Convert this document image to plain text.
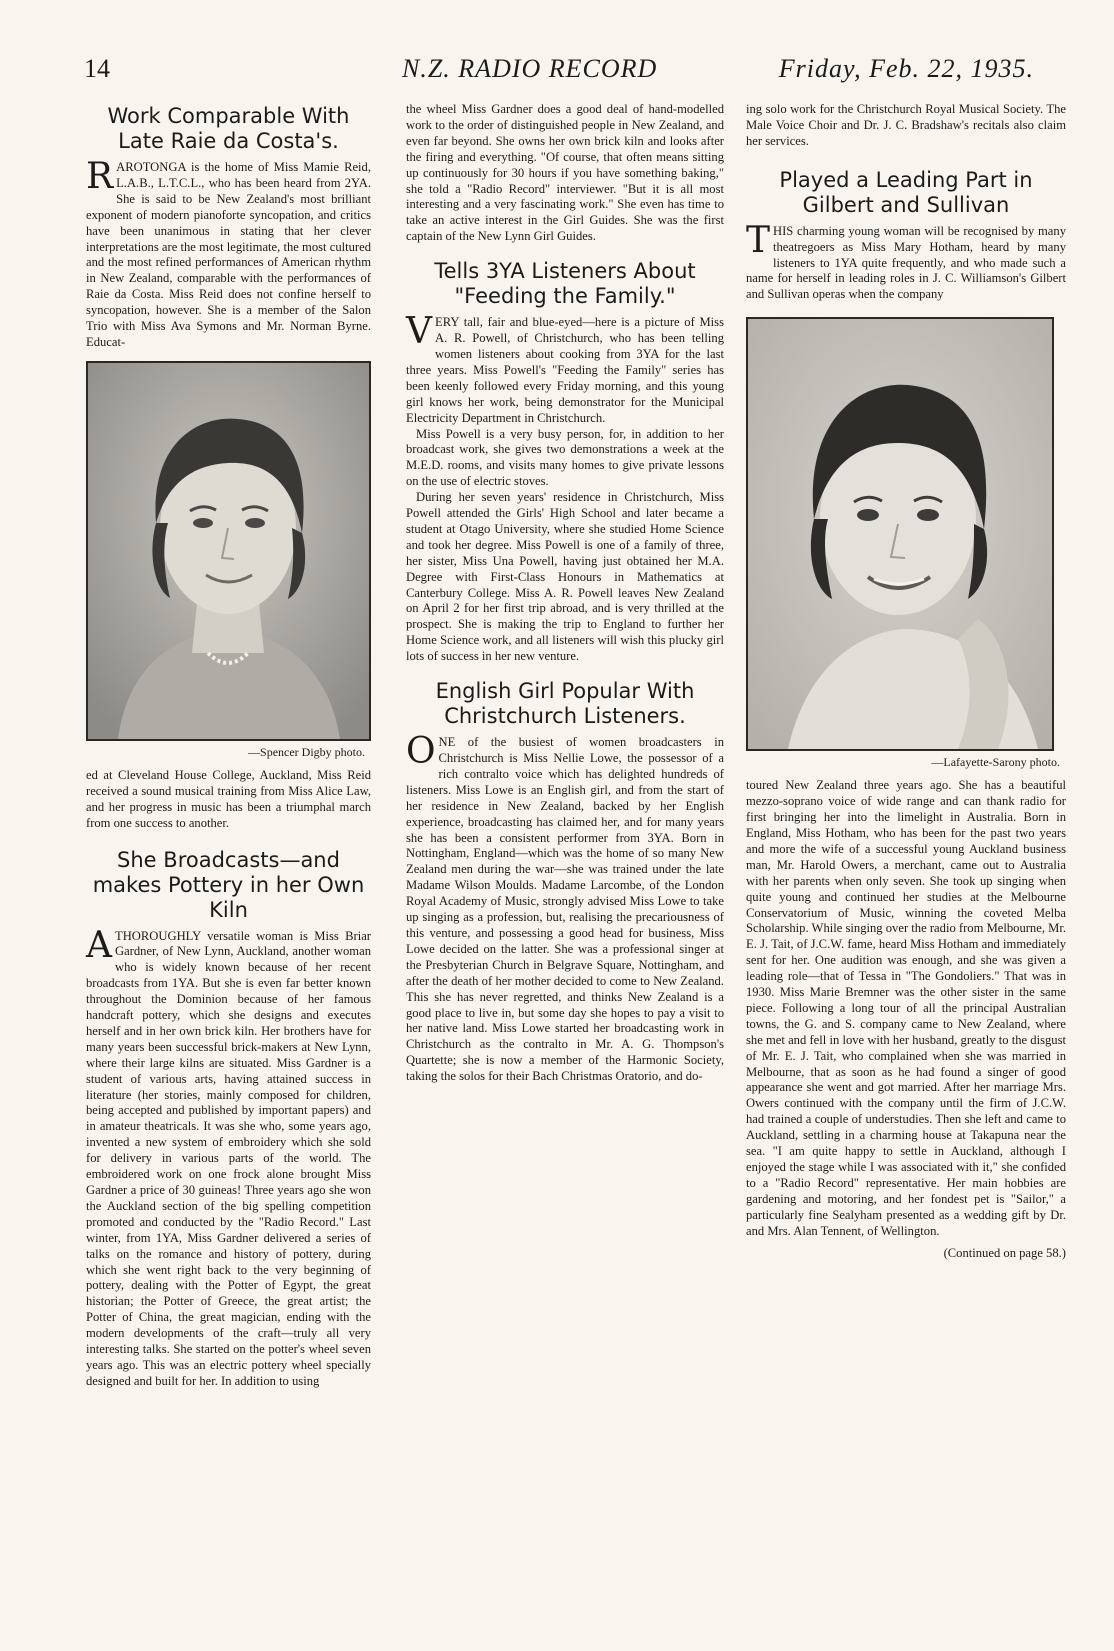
14	N.Z. RADIO RECORD	Friday, Feb. 22, 1935.
Work Comparable With Late Raie da Costa's.

RAROTONGA is the home of Miss Mamie Reid, L.A.B., L.T.C.L., who has been heard from 2YA. She is said to be New Zealand's most brilliant exponent of modern pianoforte syncopation, and critics have been unanimous in stating that her clever interpretations are the most legitimate, the most cultured and the most refined performances of American rhythm in New Zealand, comparable with the performances of Raie da Costa. Miss Reid does not confine herself to syncopation, however. She is a member of the Salon Trio with Miss Ava Symons and Mr. Norman Byrne. Educat-

—Spencer Digby photo.

ed at Cleveland House College, Auckland, Miss Reid received a sound musical training from Miss Alice Law, and her progress in music has been a triumphal march from one success to another.

She Broadcasts—and makes Pottery in her Own Kiln

ATHOROUGHLY versatile woman is Miss Briar Gardner, of New Lynn, Auckland, another woman who is widely known because of her recent broadcasts from 1YA. But she is even far better known throughout the Dominion because of her famous handcraft pottery, which she designs and executes herself and in her own brick kiln. Her brothers have for many years been successful brick-makers at New Lynn, where their large kilns are situated. Miss Gardner is a student of various arts, having attained success in literature (her stories, mainly composed for children, being accepted and published by important papers) and in amateur theatricals. It was she who, some years ago, invented a new system of embroidery which she sold for delivery in various parts of the world. The embroidered work on one frock alone brought Miss Gardner a price of 30 guineas! Three years ago she won the Auckland section of the big spelling competition promoted and conducted by the "Radio Record." Last winter, from 1YA, Miss Gardner delivered a series of talks on the romance and history of pottery, during which she went right back to the very beginning of pottery, dealing with the Potter of Egypt, the great historian; the Potter of Greece, the great artist; the Potter of China, the great magician, ending with the modern developments of the craft—truly all very interesting talks. She started on the potter's wheel seven years ago. This was an electric pottery wheel specially designed and built for her. In addition to using

the wheel Miss Gardner does a good deal of hand-modelled work to the order of distinguished people in New Zealand, and even far beyond. She owns her own brick kiln and looks after the firing and everything. "Of course, that often means sitting up continuously for 30 hours if you have something baking," she told a "Radio Record" interviewer. "But it is all most interesting and a very fascinating work." She even has time to take an active interest in the Girl Guides. She was the first captain of the New Lynn Girl Guides.

Tells 3YA Listeners About "Feeding the Family."

VERY tall, fair and blue-eyed—here is a picture of Miss A. R. Powell, of Christchurch, who has been telling women listeners about cooking from 3YA for the last three years. Miss Powell's "Feeding the Family" series has been keenly followed every Friday morning, and this young girl knows her work, being demonstrator for the Municipal Electricity Department in Christchurch.

Miss Powell is a very busy person, for, in addition to her broadcast work, she gives two demonstrations a week at the M.E.D. rooms, and visits many homes to give private lessons on the use of electric stoves.

During her seven years' residence in Christchurch, Miss Powell attended the Girls' High School and later became a student at Otago University, where she studied Home Science and took her degree. Miss Powell is one of a family of three, her sister, Miss Una Powell, having just obtained her M.A. Degree with First-Class Honours in Mathematics at Canterbury College. Miss A. R. Powell leaves New Zealand on April 2 for her first trip abroad, and is very thrilled at the prospect. She is making the trip to England to further her Home Science work, and all listeners will wish this plucky girl lots of success in her new venture.

English Girl Popular With Christchurch Listeners.

ONE of the busiest of women broadcasters in Christchurch is Miss Nellie Lowe, the possessor of a rich contralto voice which has delighted hundreds of listeners. Miss Lowe is an English girl, and from the start of her residence in New Zealand, backed by her English experience, broadcasting has claimed her, and for many years she has been a consistent performer from 3YA. Born in Nottingham, England—which was the home of so many New Zealand men during the war—she was trained under the late Madame Wilson Moulds. Madame Larcombe, of the London Royal Academy of Music, strongly advised Miss Lowe to take up singing as a profession, but, realising the precariousness of this venture, and possessing a good head for business, Miss Lowe decided on the latter. She was a professional singer at the Presbyterian Church in Belgrave Square, Nottingham, and after the death of her mother decided to come to New Zealand. This she has never regretted, and thinks New Zealand is a good place to live in, but some day she hopes to pay a visit to her native land. Miss Lowe started her broadcasting work in Christchurch as the contralto in Mr. A. G. Thompson's Quartette; she is now a member of the Harmonic Society, taking the solos for their Bach Christmas Oratorio, and do-

ing solo work for the Christchurch Royal Musical Society. The Male Voice Choir and Dr. J. C. Bradshaw's recitals also claim her services.

Played a Leading Part in Gilbert and Sullivan

THIS charming young woman will be recognised by many theatregoers as Miss Mary Hotham, heard by many listeners to 1YA quite frequently, and who made such a name for herself in leading roles in J. C. Williamson's Gilbert and Sullivan operas when the company

—Lafayette-Sarony photo.

toured New Zealand three years ago. She has a beautiful mezzo-soprano voice of wide range and can thank radio for first bringing her into the limelight in Australia. Born in England, Miss Hotham, who has been for the past two years and more the wife of a successful young Auckland business man, Mr. Harold Owers, a merchant, came out to Australia with her parents when only seven. She took up singing when quite young and continued her studies at the Melbourne Conservatorium of Music, winning the coveted Melba Scholarship. While singing over the radio from Melbourne, Mr. E. J. Tait, of J.C.W. fame, heard Miss Hotham and immediately sent for her. One audition was enough, and she was given a leading role—that of Tessa in "The Gondoliers." That was in 1930. Miss Marie Bremner was the other sister in the same piece. Following a long tour of all the principal Australian towns, the G. and S. company came to New Zealand, where she met and fell in love with her husband, greatly to the disgust of Mr. E. J. Tait, who complained when she was married in Melbourne, that as soon as he had found a singer of good appearance she went and got married. After her marriage Mrs. Owers continued with the company until the firm of J.C.W. had trained a couple of understudies. Then she left and came to Auckland, settling in a charming house at Takapuna near the sea. "I am quite happy to settle in Auckland, although I enjoyed the stage while I was associated with it," she confided to a "Radio Record" representative. Her main hobbies are gardening and motoring, and her fondest pet is "Sailor," a particularly fine Sealyham presented as a wedding gift by Dr. and Mrs. Alan Tennent, of Wellington.

(Continued on page 58.)
